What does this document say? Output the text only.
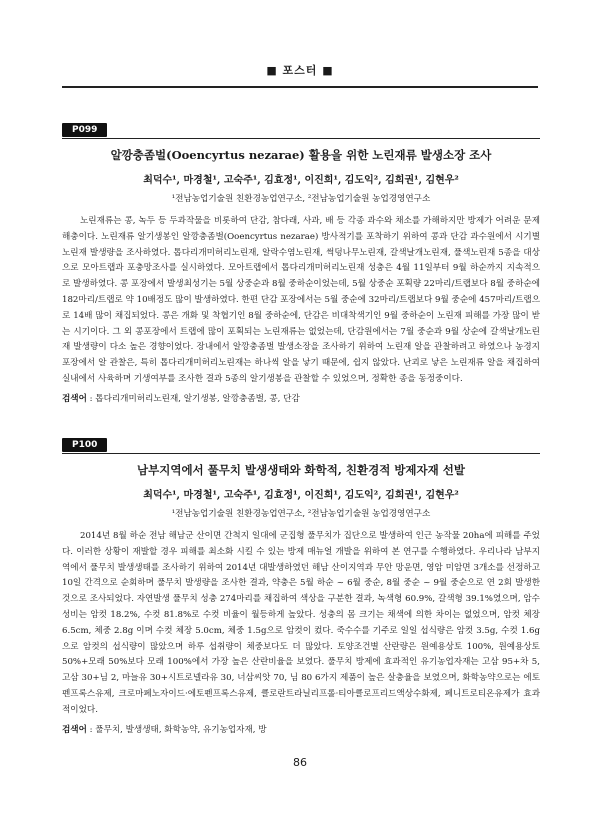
■ 포스터 ■
P099
알깡충좀벌(Ooencyrtus nezarae) 활용을 위한 노린재류 발생소장 조사
최덕수¹, 마경철¹, 고숙주¹, 김효정¹, 이진희¹, 김도익², 김희권¹, 김현우²
¹전남농업기술원 친환경농업연구소, ²전남농업기술원 농업경영연구소
노린재류는 콩, 녹두 등 두과작물을 비롯하여 단감, 참다래, 사과, 배 등 각종 과수와 채소를 가해하지만 방제가 어려운 문제해충이다. 노린재류 알기생봉인 알깡충좀벌(Ooencyrtus nezarae) 방사적기를 포착하기 위하여 콩과 단감 과수원에서 시기별 노린재 발생량을 조사하였다. 톱다리개미허리노린재, 알락수염노린재, 썩덩나무노린재, 갈색날개노린재, 풀색노린재 5종을 대상으로 모아트랩과 포충망조사를 실시하였다. 모아트랩에서 톱다리개미허리노린재 성충은 4월 11일부터 9월 하순까지 지속적으로 발생하였다. 콩 포장에서 발생최성기는 5월 상중순과 8월 중하순이었는데, 5월 상중순 포획량 22마리/트랩보다 8월 중하순에 182마리/트랩로 약 10배정도 많이 발생하였다. 한편 단감 포장에서는 5월 중순에 32마리/트랩보다 9월 중순에 457마리/트랩으로 14배 많이 채집되었다. 콩은 개화 및 착협기인 8월 중하순에, 단감은 비대착색기인 9월 중하순이 노린재 피해를 가장 많이 받는 시기이다. 그 외 콩포장에서 트랩에 많이 포획되는 노린재류는 없었는데, 단감원에서는 7월 중순과 9월 상순에 갈색날개노린재 발생량이 다소 높은 경향이었다. 장내에서 알깡충좀벌 발생소장을 조사하기 위하여 노린재 알을 관찰하려고 하였으나 농경지 포장에서 알 관찰은, 특히 톱다리개미허리노린재는 하나씩 알을 낳기 때문에, 쉽지 않았다. 난괴로 낳은 노린재류 알을 채집하여 실내에서 사육하며 기생여부를 조사한 결과 5종의 알기생봉을 관찰할 수 있었으며, 정확한 종을 동정중이다.
검색어 : 톱다리개미허리노린재, 알기생봉, 알깡충좀벌, 콩, 단감
P100
남부지역에서 풀무치 발생생태와 화학적, 친환경적 방제자재 선발
최덕수¹, 마경철¹, 고숙주¹, 김효정¹, 이진희¹, 김도익², 김희권¹, 김현우²
¹전남농업기술원 친환경농업연구소, ²전남농업기술원 농업경영연구소
2014년 8월 하순 전남 해남군 산이면 간척지 일대에 군집형 풀무치가 집단으로 발생하여 인근 농작물 20ha에 피해를 주었다. 이러한 상황이 재발할 경우 피해를 최소화 시킬 수 있는 방제 매뉴얼 개발을 위하여 본 연구를 수행하였다. 우리나라 남부지역에서 풀무치 발생생태를 조사하기 위하여 2014년 대발생하였던 해남 산이지역과 무안 망운면, 영암 미암면 3개소를 선정하고 10일 간격으로 순회하며 풀무치 발생량을 조사한 결과, 약충은 5월 하순 ~ 6월 중순, 8월 중순 ~ 9월 중순으로 연 2회 발생한 것으로 조사되었다. 자연발생 풀무치 성충 274마리를 채집하여 색상을 구분한 결과, 녹색형 60.9%, 갈색형 39.1%였으며, 암수 성비는 암컷 18.2%, 수컷 81.8%로 수컷 비율이 월등하게 높았다. 성충의 몸 크기는 채색에 의한 차이는 없었으며, 암컷 체장 6.5cm, 체중 2.8g 이며 수컷 체장 5.0cm, 체중 1.5g으로 암컷이 컸다. 죽수수를 기주로 일일 섭식량은 암컷 3.5g, 수컷 1.6g 으로 암컷의 섭식량이 많았으며 하루 섭취량이 체중보다도 더 많았다. 토양조건별 산란량은 원예용상토 100%, 원예용상토 50%+모래 50%보다 모래 100%에서 가장 높은 산란비율을 보였다. 풀무치 방제에 효과적인 유기농업자재는 고삼 95+차 5, 고삼 30+님 2, 마늘유 30+시트로넬라유 30, 너삼씨앗 70, 님 80 6가지 제품이 높은 살충율을 보였으며, 화학농약으로는 에토펜프록스유제, 크로마페노자이드·에토펜프록스유제, 클로란트라닐리프롤·티아클로프리드액상수화제, 페니트로티온유제가 효과적이었다.
검색어 : 풀무치, 발생생태, 화학농약, 유기농업자재, 방
86
